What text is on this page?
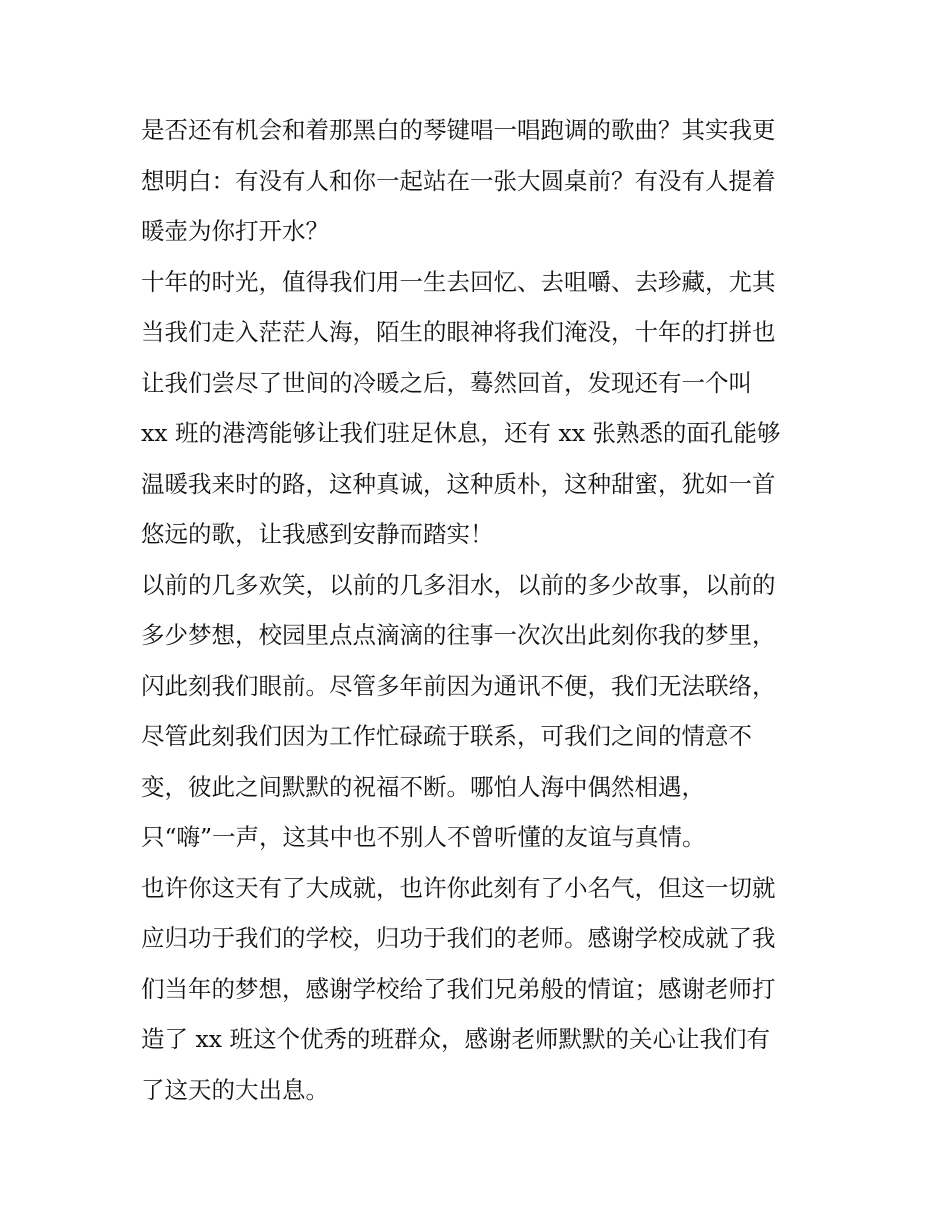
是否还有机会和着那黑白的琴键唱一唱跑调的歌曲？其实我更
想明白：有没有人和你一起站在一张大圆桌前？有没有人提着
暖壶为你打开水？
十年的时光，值得我们用一生去回忆、去咀嚼、去珍藏，尤其
当我们走入茫茫人海，陌生的眼神将我们淹没，十年的打拼也
让我们尝尽了世间的冷暖之后，蓦然回首，发现还有一个叫
xx 班的港湾能够让我们驻足休息，还有 xx 张熟悉的面孔能够
温暖我来时的路，这种真诚，这种质朴，这种甜蜜，犹如一首
悠远的歌，让我感到安静而踏实！
以前的几多欢笑，以前的几多泪水，以前的多少故事，以前的
多少梦想，校园里点点滴滴的往事一次次出此刻你我的梦里，
闪此刻我们眼前。尽管多年前因为通讯不便，我们无法联络，
尽管此刻我们因为工作忙碌疏于联系，可我们之间的情意不
变，彼此之间默默的祝福不断。哪怕人海中偶然相遇，
只“嗨”一声，这其中也不别人不曾听懂的友谊与真情。
也许你这天有了大成就，也许你此刻有了小名气，但这一切就
应归功于我们的学校，归功于我们的老师。感谢学校成就了我
们当年的梦想，感谢学校给了我们兄弟般的情谊；感谢老师打
造了 xx 班这个优秀的班群众，感谢老师默默的关心让我们有
了这天的大出息。
